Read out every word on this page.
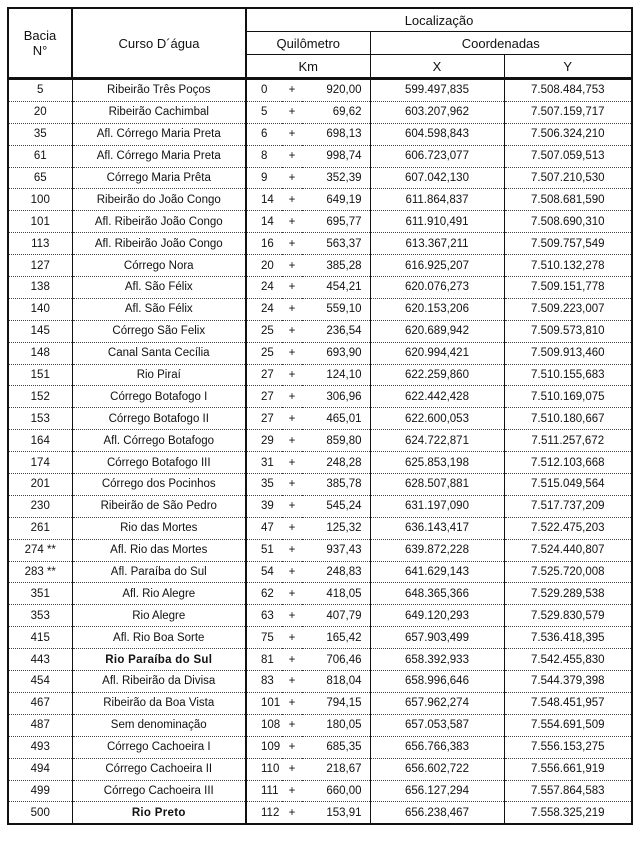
Bacia
N°	Curso D´água	Localização				
		Quilômetro			Coordenadas	
		Km			X	Y
5	Ribeirão Três Poços	0	+	920,00	599.497,835	7.508.484,753
20	Ribeirão Cachimbal	5	+	69,62	603.207,962	7.507.159,717
35	Afl. Córrego Maria Preta	6	+	698,13	604.598,843	7.506.324,210
61	Afl. Córrego Maria Preta	8	+	998,74	606.723,077	7.507.059,513
65	Córrego Maria Prêta	9	+	352,39	607.042,130	7.507.210,530
100	Ribeirão do João Congo	14	+	649,19	611.864,837	7.508.681,590
101	Afl. Ribeirão João Congo	14	+	695,77	611.910,491	7.508.690,310
113	Afl. Ribeirão João Congo	16	+	563,37	613.367,211	7.509.757,549
127	Córrego Nora	20	+	385,28	616.925,207	7.510.132,278
138	Afl. São Félix	24	+	454,21	620.076,273	7.509.151,778
140	Afl. São Félix	24	+	559,10	620.153,206	7.509.223,007
145	Córrego São Felix	25	+	236,54	620.689,942	7.509.573,810
148	Canal Santa Cecília	25	+	693,90	620.994,421	7.509.913,460
151	Rio Piraí	27	+	124,10	622.259,860	7.510.155,683
152	Córrego Botafogo I	27	+	306,96	622.442,428	7.510.169,075
153	Córrego Botafogo II	27	+	465,01	622.600,053	7.510.180,667
164	Afl. Córrego Botafogo	29	+	859,80	624.722,871	7.511.257,672
174	Córrego Botafogo III	31	+	248,28	625.853,198	7.512.103,668
201	Córrego dos Pocinhos	35	+	385,78	628.507,881	7.515.049,564
230	Ribeirão de São Pedro	39	+	545,24	631.197,090	7.517.737,209
261	Rio das Mortes	47	+	125,32	636.143,417	7.522.475,203
274 **	Afl. Rio das Mortes	51	+	937,43	639.872,228	7.524.440,807
283 **	Afl. Paraíba do Sul	54	+	248,83	641.629,143	7.525.720,008
351	Afl. Rio Alegre	62	+	418,05	648.365,366	7.529.289,538
353	Rio Alegre	63	+	407,79	649.120,293	7.529.830,579
415	Afl. Rio Boa Sorte	75	+	165,42	657.903,499	7.536.418,395
443	Rio Paraíba do Sul	81	+	706,46	658.392,933	7.542.455,830
454	Afl. Ribeirão da Divisa	83	+	818,04	658.996,646	7.544.379,398
467	Ribeirão da Boa Vista	101	+	794,15	657.962,274	7.548.451,957
487	Sem denominação	108	+	180,05	657.053,587	7.554.691,509
493	Córrego Cachoeira I	109	+	685,35	656.766,383	7.556.153,275
494	Córrego Cachoeira II	110	+	218,67	656.602,722	7.556.661,919
499	Córrego Cachoeira III	111	+	660,00	656.127,294	7.557.864,583
500	Rio Preto	112	+	153,91	656.238,467	7.558.325,219
